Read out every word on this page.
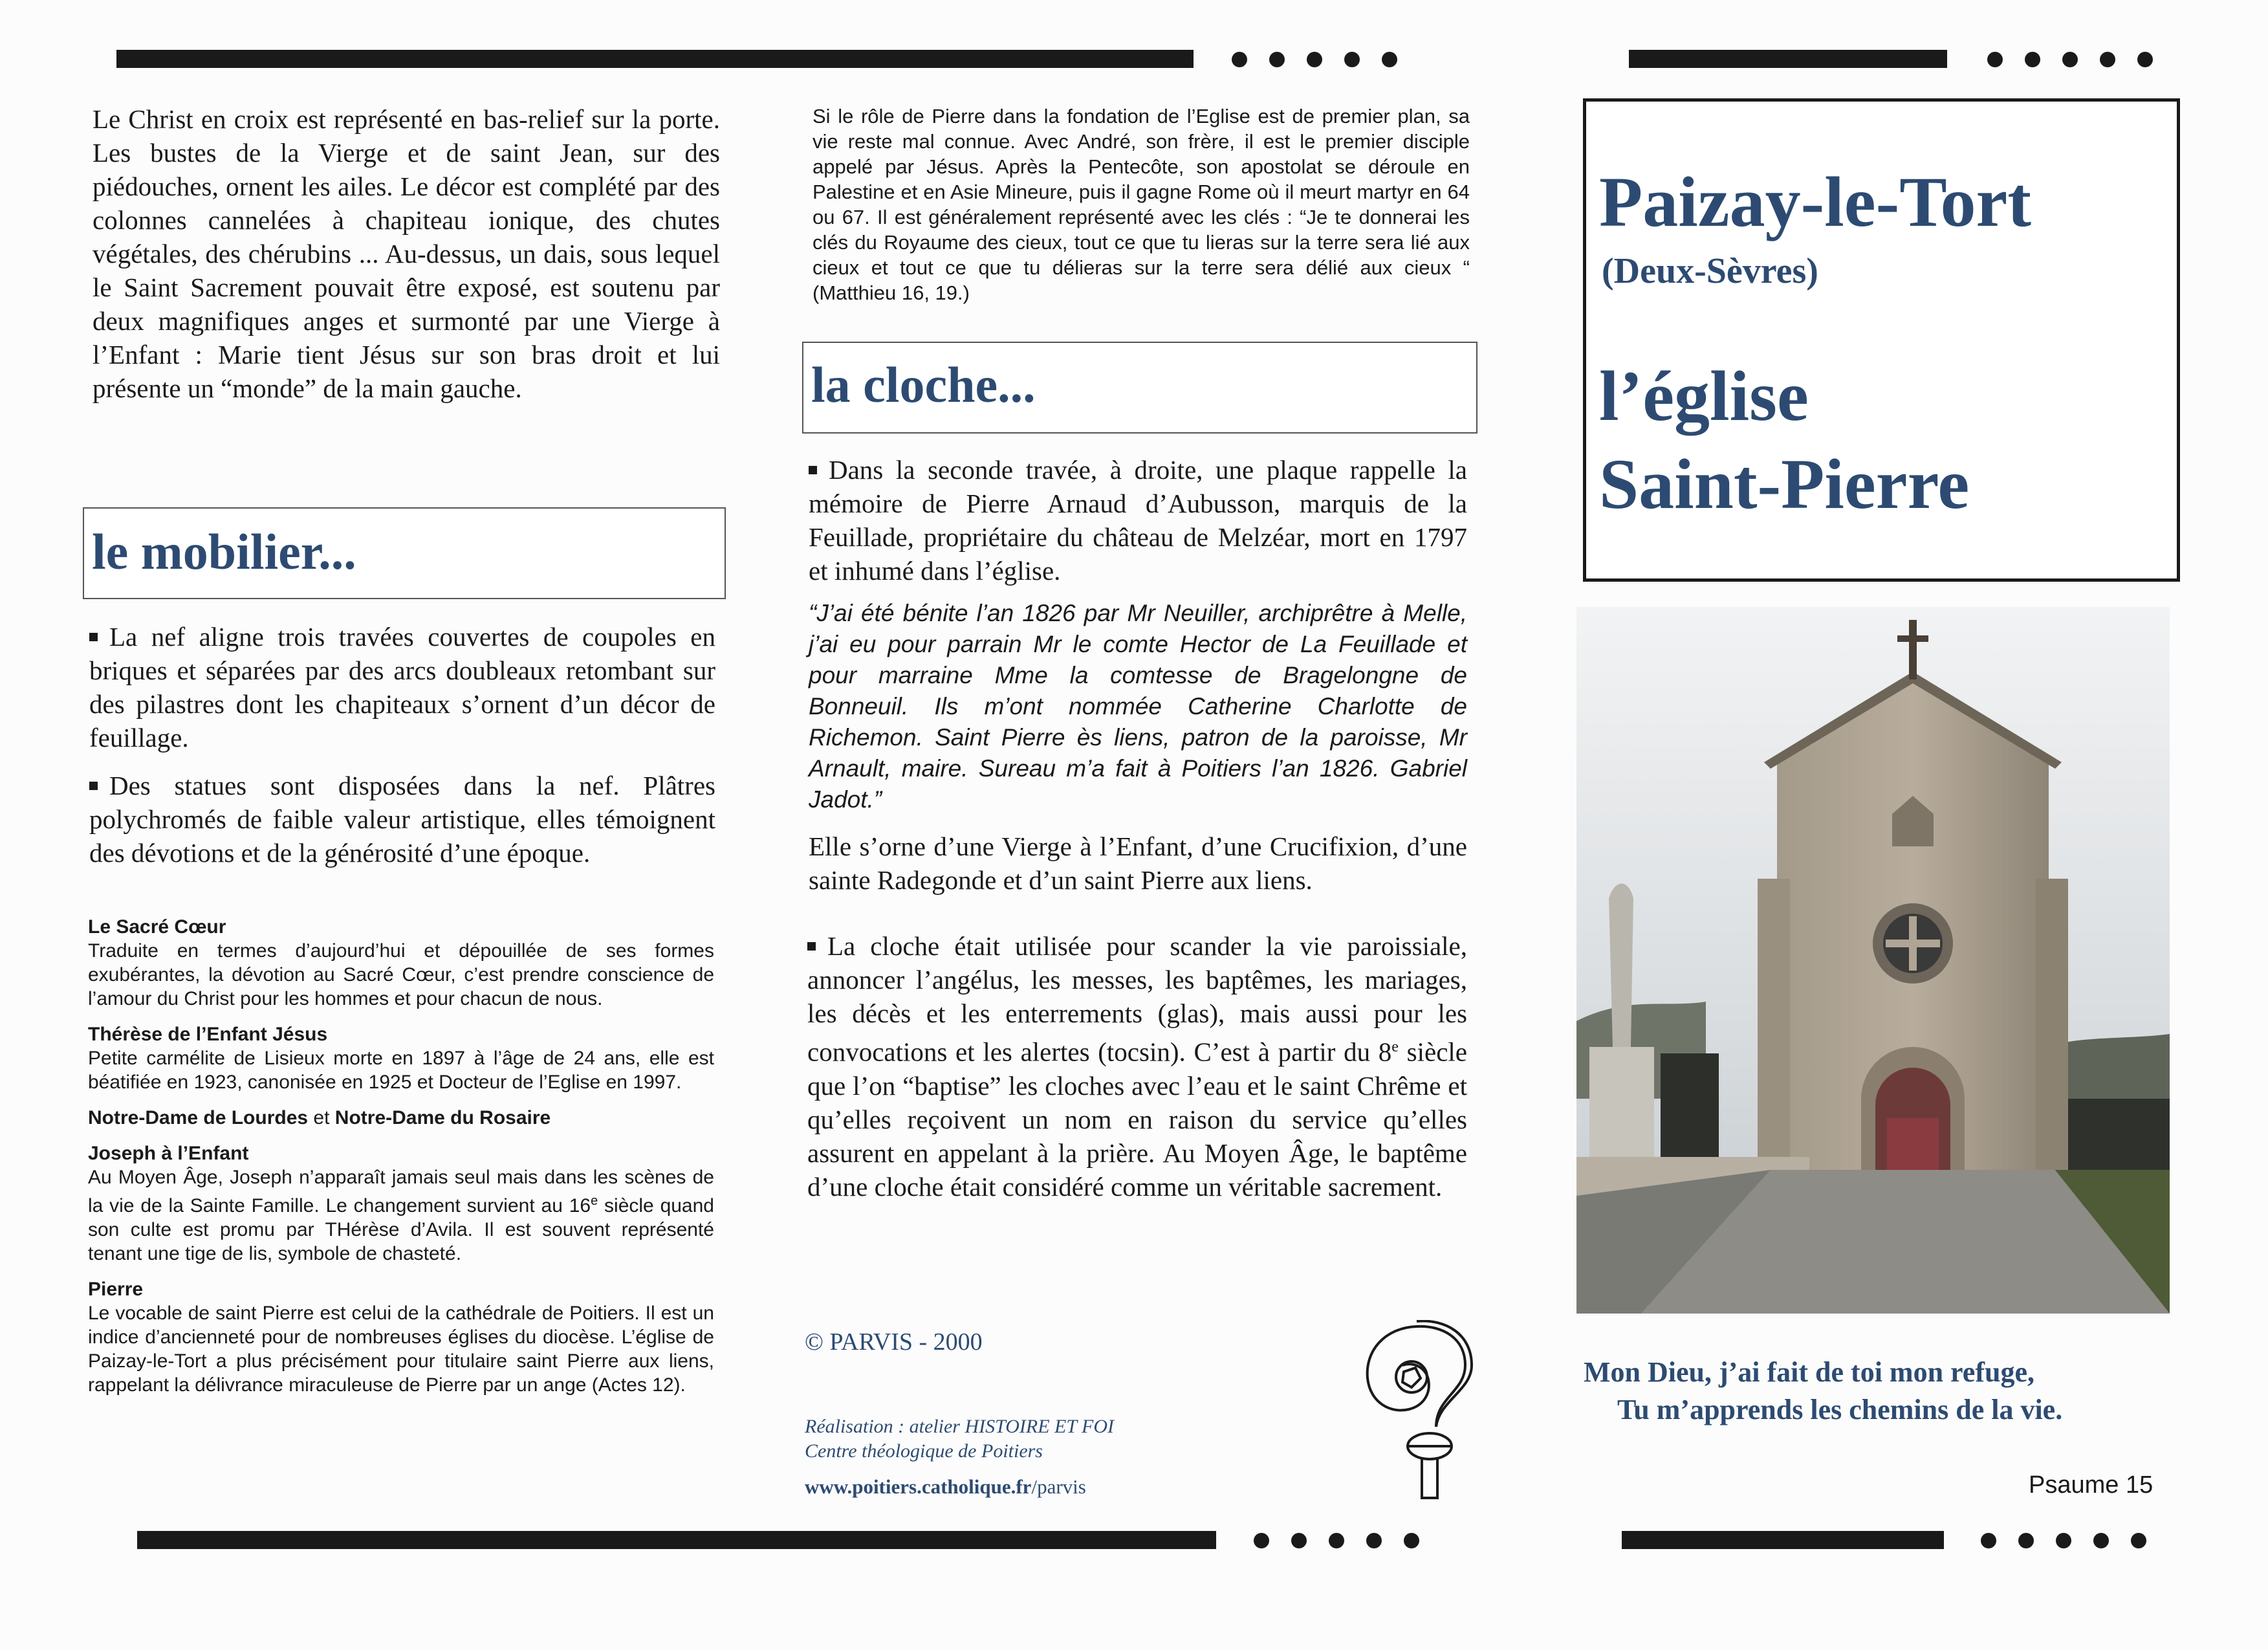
Le Christ en croix est représenté en bas-relief sur la porte. Les bustes de la Vierge et de saint Jean, sur des piédouches, ornent les ailes. Le décor est complété par des colonnes cannelées à chapiteau ionique, des chutes végétales, des chérubins ... Au-dessus, un dais, sous lequel le Saint Sacrement pouvait être exposé, est soutenu par deux magnifiques anges et surmonté par une Vierge à l’Enfant : Marie tient Jésus sur son bras droit et lui présente un “monde” de la main gauche.

le mobilier...

La nef aligne trois travées couvertes de coupoles en briques et séparées par des arcs doubleaux retombant sur des pilastres dont les chapiteaux s’ornent d’un décor de feuillage.

Des statues sont disposées dans la nef. Plâtres polychromés de faible valeur artistique, elles témoignent des dévotions et de la générosité d’une époque.

Le Sacré Cœur

Traduite en termes d’aujourd’hui et dépouillée de ses formes exubérantes, la dévotion au Sacré Cœur, c’est prendre conscience de l’amour du Christ pour les hommes et pour chacun de nous.

Thérèse de l’Enfant Jésus

Petite carmélite de Lisieux morte en 1897 à l’âge de 24 ans, elle est béatifiée en 1923, canonisée en 1925 et Docteur de l’Eglise en 1997.

Notre-Dame de Lourdes et Notre-Dame du Rosaire

Joseph à l’Enfant

Au Moyen Âge, Joseph n’apparaît jamais seul mais dans les scènes de la vie de la Sainte Famille. Le changement survient au 16e siècle quand son culte est promu par THérèse d’Avila. Il est souvent représenté tenant une tige de lis, symbole de chasteté.

Pierre

Le vocable de saint Pierre est celui de la cathédrale de Poitiers. Il est un indice d’ancienneté pour de nombreuses églises du diocèse. L’église de Paizay-le-Tort a plus précisément pour titulaire saint Pierre aux liens, rappelant la délivrance miraculeuse de Pierre par un ange (Actes 12).

Si le rôle de Pierre dans la fondation de l’Eglise est de premier plan, sa vie reste mal connue. Avec André, son frère, il est le premier disciple appelé par Jésus. Après la Pentecôte, son apostolat se déroule en Palestine et en Asie Mineure, puis il gagne Rome où il meurt martyr en 64 ou 67. Il est généralement représenté avec les clés : “Je te donnerai les clés du Royaume des cieux, tout ce que tu lieras sur la terre sera lié aux cieux et tout ce que tu délieras sur la terre sera délié aux cieux “ (Matthieu 16, 19.)

la cloche...

Dans la seconde travée, à droite, une plaque rappelle la mémoire de Pierre Arnaud d’Aubusson, marquis de la Feuillade, propriétaire du château de Melzéar, mort en 1797 et inhumé dans l’église.

“J’ai été bénite l’an 1826 par Mr Neuiller, archiprêtre à Melle, j’ai eu pour parrain Mr le comte Hector de La Feuillade et pour marraine Mme la comtesse de Bragelongne de Bonneuil. Ils m’ont nommée Catherine Charlotte de Richemon. Saint Pierre ès liens, patron de la paroisse, Mr Arnault, maire. Sureau m’a fait à Poitiers l’an 1826. Gabriel Jadot.”

Elle s’orne d’une Vierge à l’Enfant, d’une Crucifixion, d’une sainte Radegonde et d’un saint Pierre aux liens.

La cloche était utilisée pour scander la vie paroissiale, annoncer l’angélus, les messes, les baptêmes, les mariages, les décès et les enterrements (glas), mais aussi pour les convocations et les alertes (tocsin). C’est à partir du 8e siècle que l’on “baptise” les cloches avec l’eau et le saint Chrême et qu’elles reçoivent un nom en raison du service qu’elles assurent en appelant à la prière. Au Moyen Âge, le baptême d’une cloche était considéré comme un véritable sacrement.

© PARVIS - 2000
Réalisation : atelier HISTOIRE ET FOI
Centre théologique de Poitiers
www.poitiers.catholique.fr/parvis
Paizay-le-Tort
(Deux-Sèvres)
l’église
Saint-Pierre
Mon Dieu, j’ai fait de toi mon refuge,
Tu m’apprends les chemins de la vie.
Psaume 15
